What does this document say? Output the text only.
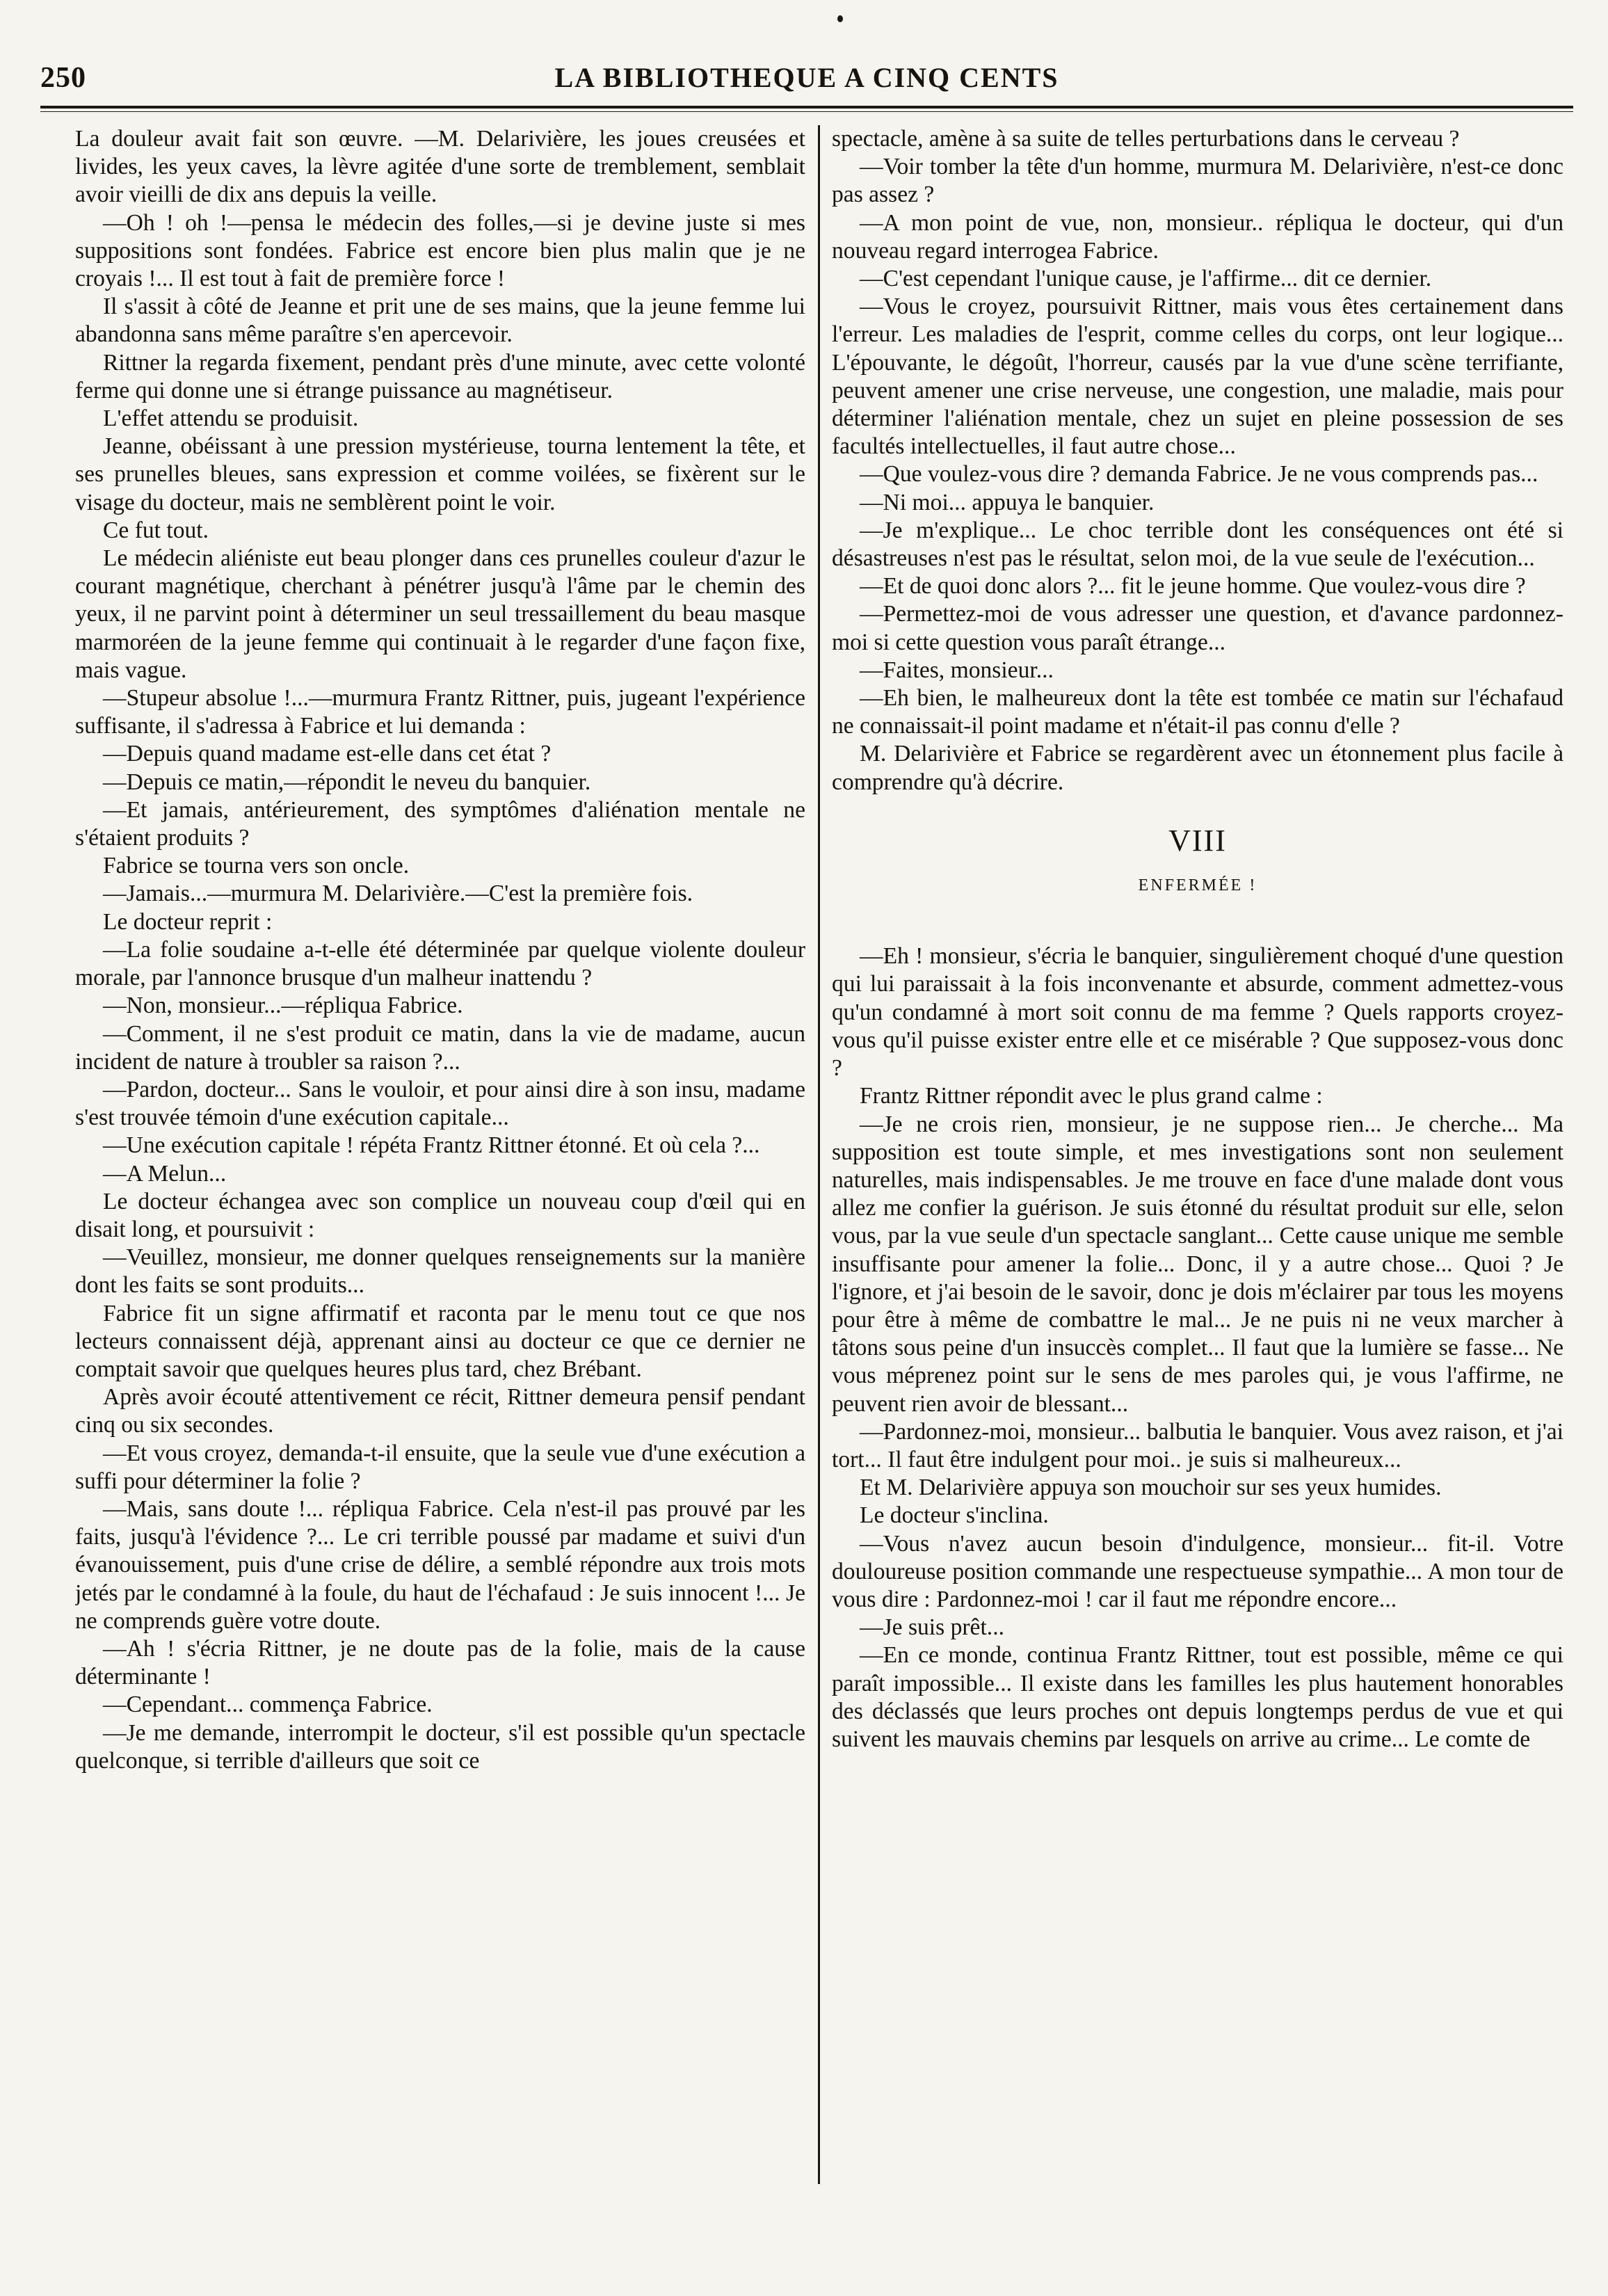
250	LA BIBLIOTHEQUE A CINQ CENTS

La douleur avait fait son œuvre. —M. Delarivière, les joues creusées et livides, les yeux caves, la lèvre agitée d'une sorte de tremblement, semblait avoir vieilli de dix ans depuis la veille.

—Oh ! oh !—pensa le médecin des folles,—si je devine juste si mes suppositions sont fondées. Fabrice est encore bien plus malin que je ne croyais !... Il est tout à fait de première force !

Il s'assit à côté de Jeanne et prit une de ses mains, que la jeune femme lui abandonna sans même paraître s'en apercevoir.

Rittner la regarda fixement, pendant près d'une minute, avec cette volonté ferme qui donne une si étrange puissance au magnétiseur.

L'effet attendu se produisit.

Jeanne, obéissant à une pression mystérieuse, tourna lentement la tête, et ses prunelles bleues, sans expression et comme voilées, se fixèrent sur le visage du docteur, mais ne semblèrent point le voir.

Ce fut tout.

Le médecin aliéniste eut beau plonger dans ces prunelles couleur d'azur le courant magnétique, cherchant à pénétrer jusqu'à l'âme par le chemin des yeux, il ne parvint point à déterminer un seul tressaillement du beau masque marmoréen de la jeune femme qui continuait à le regarder d'une façon fixe, mais vague.

—Stupeur absolue !...—murmura Frantz Rittner, puis, jugeant l'expérience suffisante, il s'adressa à Fabrice et lui demanda :

—Depuis quand madame est-elle dans cet état ?

—Depuis ce matin,—répondit le neveu du banquier.

—Et jamais, antérieurement, des symptômes d'aliénation mentale ne s'étaient produits ?

Fabrice se tourna vers son oncle.

—Jamais...—murmura M. Delarivière.—C'est la première fois.

Le docteur reprit :

—La folie soudaine a-t-elle été déterminée par quelque violente douleur morale, par l'annonce brusque d'un malheur inattendu ?

—Non, monsieur...—répliqua Fabrice.

—Comment, il ne s'est produit ce matin, dans la vie de madame, aucun incident de nature à troubler sa raison ?...

—Pardon, docteur... Sans le vouloir, et pour ainsi dire à son insu, madame s'est trouvée témoin d'une exécution capitale...

—Une exécution capitale ! répéta Frantz Rittner étonné. Et où cela ?...

—A Melun...

Le docteur échangea avec son complice un nouveau coup d'œil qui en disait long, et poursuivit :

—Veuillez, monsieur, me donner quelques renseignements sur la manière dont les faits se sont produits...

Fabrice fit un signe affirmatif et raconta par le menu tout ce que nos lecteurs connaissent déjà, apprenant ainsi au docteur ce que ce dernier ne comptait savoir que quelques heures plus tard, chez Brébant.

Après avoir écouté attentivement ce récit, Rittner demeura pensif pendant cinq ou six secondes.

—Et vous croyez, demanda-t-il ensuite, que la seule vue d'une exécution a suffi pour déterminer la folie ?

—Mais, sans doute !... répliqua Fabrice. Cela n'est-il pas prouvé par les faits, jusqu'à l'évidence ?... Le cri terrible poussé par madame et suivi d'un évanouissement, puis d'une crise de délire, a semblé répondre aux trois mots jetés par le condamné à la foule, du haut de l'échafaud : Je suis innocent !... Je ne comprends guère votre doute.

—Ah ! s'écria Rittner, je ne doute pas de la folie, mais de la cause déterminante !

—Cependant... commença Fabrice.

—Je me demande, interrompit le docteur, s'il est possible qu'un spectacle quelconque, si terrible d'ailleurs que soit ce

spectacle, amène à sa suite de telles perturbations dans le cerveau ?

—Voir tomber la tête d'un homme, murmura M. Delarivière, n'est-ce donc pas assez ?

—A mon point de vue, non, monsieur.. répliqua le docteur, qui d'un nouveau regard interrogea Fabrice.

—C'est cependant l'unique cause, je l'affirme... dit ce dernier.

—Vous le croyez, poursuivit Rittner, mais vous êtes certainement dans l'erreur. Les maladies de l'esprit, comme celles du corps, ont leur logique... L'épouvante, le dégoût, l'horreur, causés par la vue d'une scène terrifiante, peuvent amener une crise nerveuse, une congestion, une maladie, mais pour déterminer l'aliénation mentale, chez un sujet en pleine possession de ses facultés intellectuelles, il faut autre chose...

—Que voulez-vous dire ? demanda Fabrice. Je ne vous comprends pas...

—Ni moi... appuya le banquier.

—Je m'explique... Le choc terrible dont les conséquences ont été si désastreuses n'est pas le résultat, selon moi, de la vue seule de l'exécution...

—Et de quoi donc alors ?... fit le jeune homme. Que voulez-vous dire ?

—Permettez-moi de vous adresser une question, et d'avance pardonnez-moi si cette question vous paraît étrange...

—Faites, monsieur...

—Eh bien, le malheureux dont la tête est tombée ce matin sur l'échafaud ne connaissait-il point madame et n'était-il pas connu d'elle ?

M. Delarivière et Fabrice se regardèrent avec un étonnement plus facile à comprendre qu'à décrire.

VIII
ENFERMÉE !

—Eh ! monsieur, s'écria le banquier, singulièrement choqué d'une question qui lui paraissait à la fois inconvenante et absurde, comment admettez-vous qu'un condamné à mort soit connu de ma femme ? Quels rapports croyez-vous qu'il puisse exister entre elle et ce misérable ? Que supposez-vous donc ?

Frantz Rittner répondit avec le plus grand calme :

—Je ne crois rien, monsieur, je ne suppose rien... Je cherche... Ma supposition est toute simple, et mes investigations sont non seulement naturelles, mais indispensables. Je me trouve en face d'une malade dont vous allez me confier la guérison. Je suis étonné du résultat produit sur elle, selon vous, par la vue seule d'un spectacle sanglant... Cette cause unique me semble insuffisante pour amener la folie... Donc, il y a autre chose... Quoi ? Je l'ignore, et j'ai besoin de le savoir, donc je dois m'éclairer par tous les moyens pour être à même de combattre le mal... Je ne puis ni ne veux marcher à tâtons sous peine d'un insuccès complet... Il faut que la lumière se fasse... Ne vous méprenez point sur le sens de mes paroles qui, je vous l'affirme, ne peuvent rien avoir de blessant...

—Pardonnez-moi, monsieur... balbutia le banquier. Vous avez raison, et j'ai tort... Il faut être indulgent pour moi.. je suis si malheureux...

Et M. Delarivière appuya son mouchoir sur ses yeux humides.

Le docteur s'inclina.

—Vous n'avez aucun besoin d'indulgence, monsieur... fit-il. Votre douloureuse position commande une respectueuse sympathie... A mon tour de vous dire : Pardonnez-moi ! car il faut me répondre encore...

—Je suis prêt...

—En ce monde, continua Frantz Rittner, tout est possible, même ce qui paraît impossible... Il existe dans les familles les plus hautement honorables des déclassés que leurs proches ont depuis longtemps perdus de vue et qui suivent les mauvais chemins par lesquels on arrive au crime... Le comte de
